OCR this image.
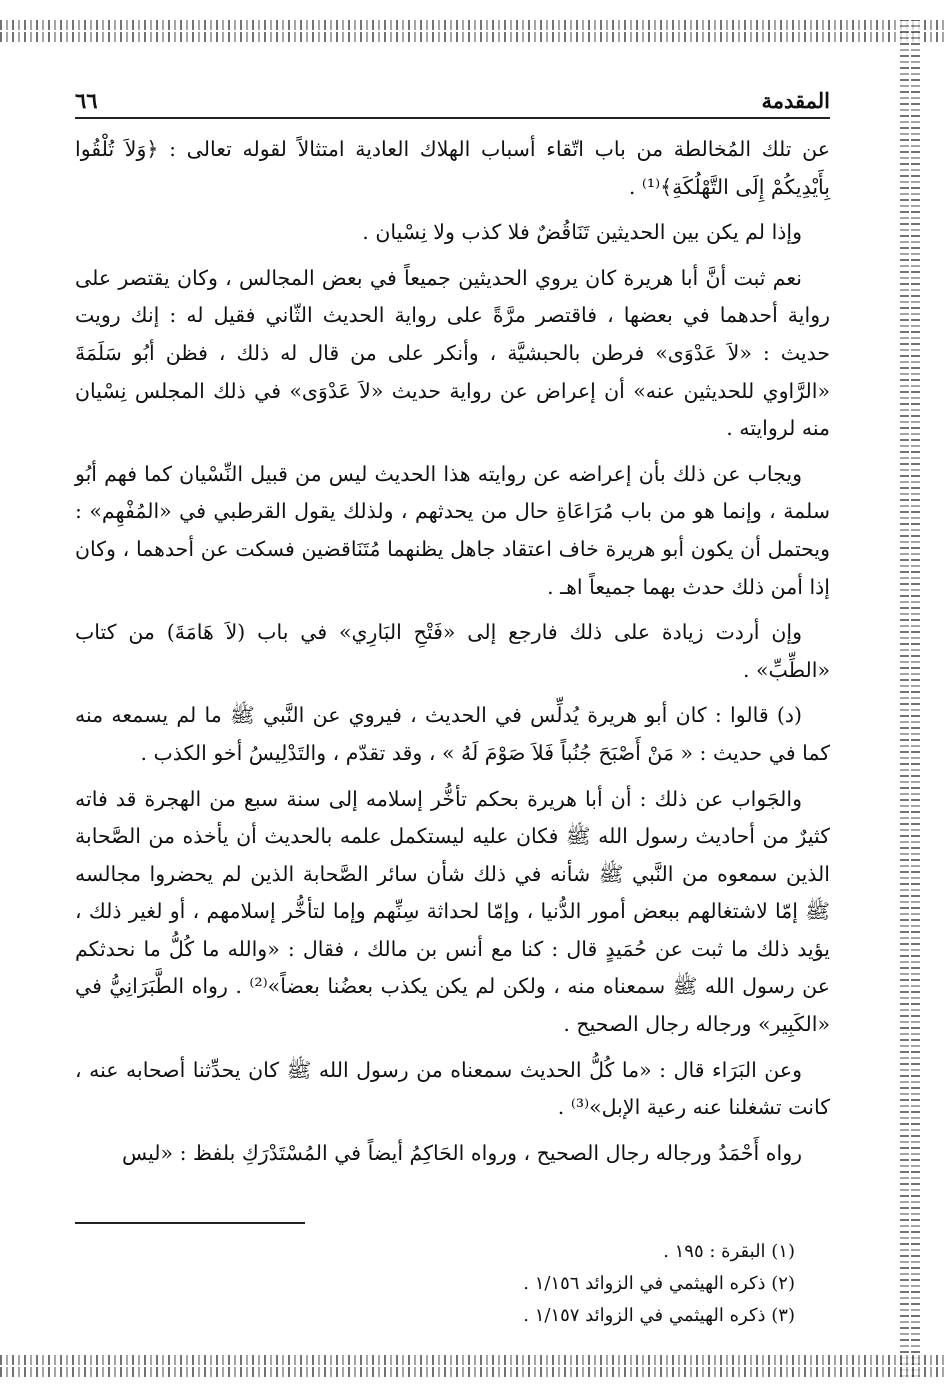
المقدمة
٦٦

عن تلك المُخالطة من باب اتّقاء أسباب الهلاك العادية امتثالاً لقوله تعالى : ﴿وَلاَ تُلْقُوا بِأَيْدِيكُمْ إِلَى التَّهْلُكَةِ﴾⁽¹⁾ .

وإذا لم يكن بين الحديثين تَنَاقُضٌ فلا كذب ولا نِسْيان .

نعم ثبت أنَّ أبا هريرة كان يروي الحديثين جميعاً في بعض المجالس ، وكان يقتصر على رواية أحدهما في بعضها ، فاقتصر مرَّةً على رواية الحديث الثّاني فقيل له : إنك رويت حديث : «لاَ عَدْوَى» فرطن بالحبشيَّة ، وأنكر على من قال له ذلك ، فظن أبُو سَلَمَةَ «الرَّاوي للحديثين عنه» أن إعراض عن رواية حديث «لاَ عَدْوَى» في ذلك المجلس نِسْيان منه لروايته .

ويجاب عن ذلك بأن إعراضه عن روايته هذا الحديث ليس من قبيل النِّسْيان كما فهم أبُو سلمة ، وإنما هو من باب مُرَاعَاةِ حال من يحدثهم ، ولذلك يقول القرطبي في «المُفْهِم» : ويحتمل أن يكون أبو هريرة خاف اعتقاد جاهل يظنهما مُتَنَاقضين فسكت عن أحدهما ، وكان إذا أمن ذلك حدث بهما جميعاً اهـ .

وإن أردت زيادة على ذلك فارجع إلى «فَتْحِ البَارِي» في باب (لاَ هَامَةَ) من كتاب «الطِّبِّ» .

(د) قالوا : كان أبو هريرة يُدلِّس في الحديث ، فيروي عن النَّبي ﷺ ما لم يسمعه منه كما في حديث : « مَنْ أَصْبَحَ جُنُباً فَلاَ صَوْمَ لَهُ » ، وقد تقدّم ، والتَدْلِيسُ أخو الكذب .

والجَواب عن ذلك : أن أبا هريرة بحكم تأخُّر إسلامه إلى سنة سبع من الهجرة قد فاته كثيرٌ من أحاديث رسول الله ﷺ فكان عليه ليستكمل علمه بالحديث أن يأخذه من الصَّحابة الذين سمعوه من النَّبي ﷺ شأنه في ذلك شأن سائر الصَّحابة الذين لم يحضروا مجالسه ﷺ إمّا لاشتغالهم ببعض أمور الدُّنيا ، وإمّا لحداثة سِنِّهم وإما لتأخُّر إسلامهم ، أو لغير ذلك ، يؤيد ذلك ما ثبت عن حُمَيدٍ قال : كنا مع أنس بن مالك ، فقال : «والله ما كُلُّ ما نحدثكم عن رسول الله ﷺ سمعناه منه ، ولكن لم يكن يكذب بعضُنا بعضاً»⁽²⁾ . رواه الطَّبَرَانِيُّ في «الكَبِير» ورجاله رجال الصحيح .

وعن البَرَاء قال : «ما كُلُّ الحديث سمعناه من رسول الله ﷺ كان يحدِّثنا أصحابه عنه ، كانت تشغلنا عنه رعية الإبل»⁽³⁾ .

رواه أَحْمَدُ ورجاله رجال الصحيح ، ورواه الحَاكِمُ أيضاً في المُسْتَدْرَكِ بلفظ : «ليس

(١) البقرة : ١٩٥ .

(٢) ذكره الهيثمي في الزوائد ١/١٥٦ .

(٣) ذكره الهيثمي في الزوائد ١/١٥٧ .
